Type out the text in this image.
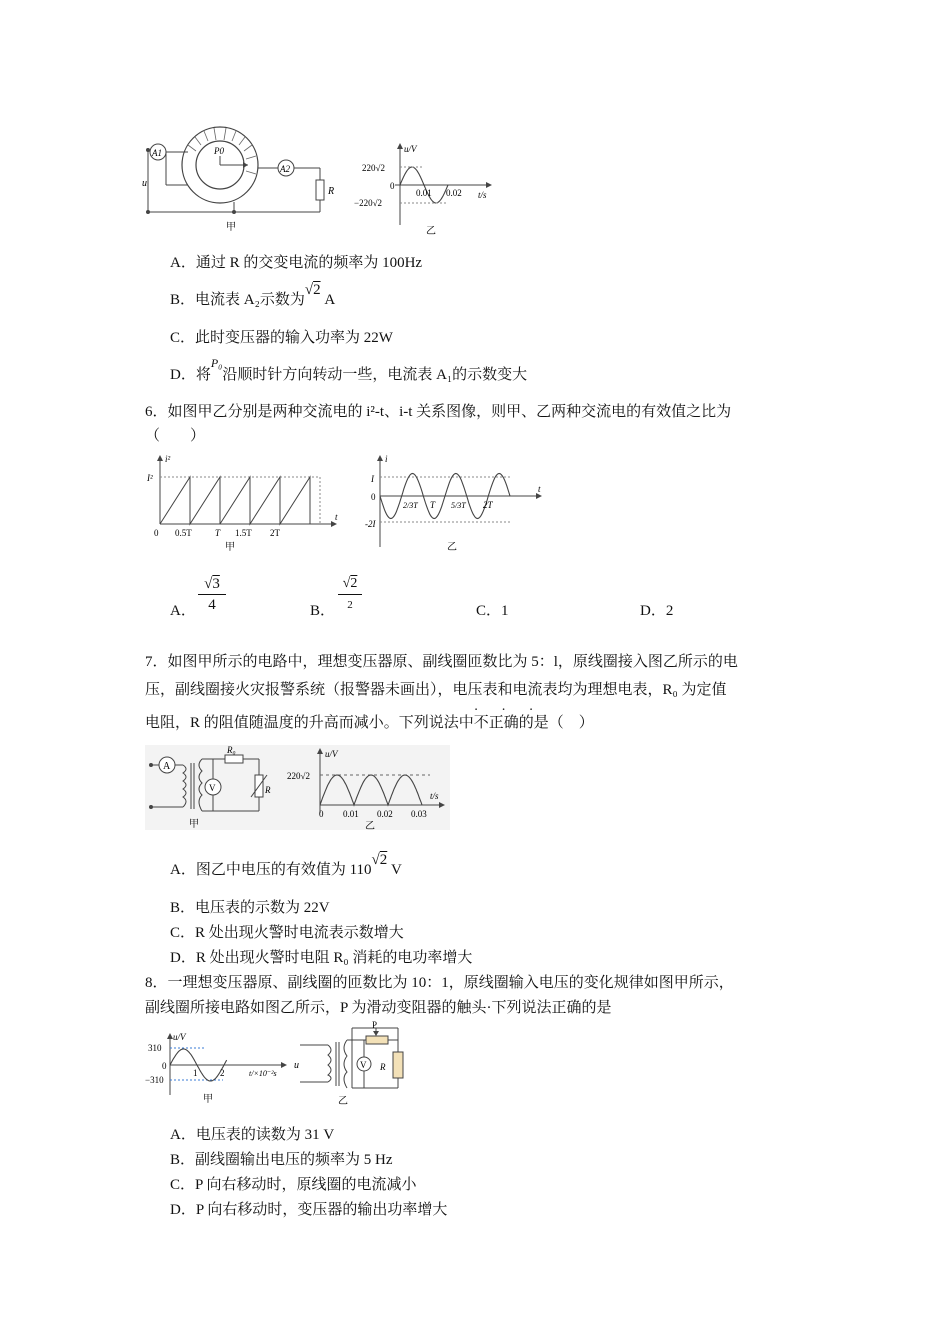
u
A1	P0
A2
R
甲
u/V
t/s
220√2
−220√2
0
0.01 0.02
乙
A．通过 R 的交变电流的频率为 100Hz
B．电流表 A₂示数为√2 A
C．此时变压器的输入功率为 22W
D．将$^{P_0}$沿顺时针方向转动一些，电流表 A₁的示数变大
6．如图甲乙分别是两种交流电的 i²-t、i-t 关系图像，则甲、乙两种交流电的有效值之比为
（　　）
i²
I²
0 0.5T	T 1.5T 2T
t
甲
i
I
-2I
0
2/3T T 5/3T 2T
t
乙
A．
√3
4	B．
√2
2	C．1	D．2
7．如图甲所示的电路中，理想变压器原、副线圈匝数比为 5：l，原线圈接入图乙所示的电
压，副线圈接火灾报警系统（报警器未画出），电压表和电流表均为理想电表，R₀ 为定值
电阻，R 的阻值随温度的升高而减小。下列说法中不正确
· · ·
的是（　）
A
R₀
R
V
甲
u/V
t/s
220√2
0 0.01 0.02 0.03
乙
A．图乙中电压的有效值为 110√2 V
B．电压表的示数为 22V
C．R 处出现火警时电流表示数增大
D．R 处出现火警时电阻 R₀ 消耗的电功率增大
8．一理想变压器原、副线圈的匝数比为 10：1，原线圈输入电压的变化规律如图甲所示，
副线圈所接电路如图乙所示，P 为滑动变阻器的触头·下列说法正确的是
u/V
310
−310
0
1	2	t/×10⁻²s
甲
u
P
R
V
乙
A．电压表的读数为 31 V
B．副线圈输出电压的频率为 5 Hz
C．P 向右移动时，原线圈的电流减小
D．P 向右移动时，变压器的输出功率增大
